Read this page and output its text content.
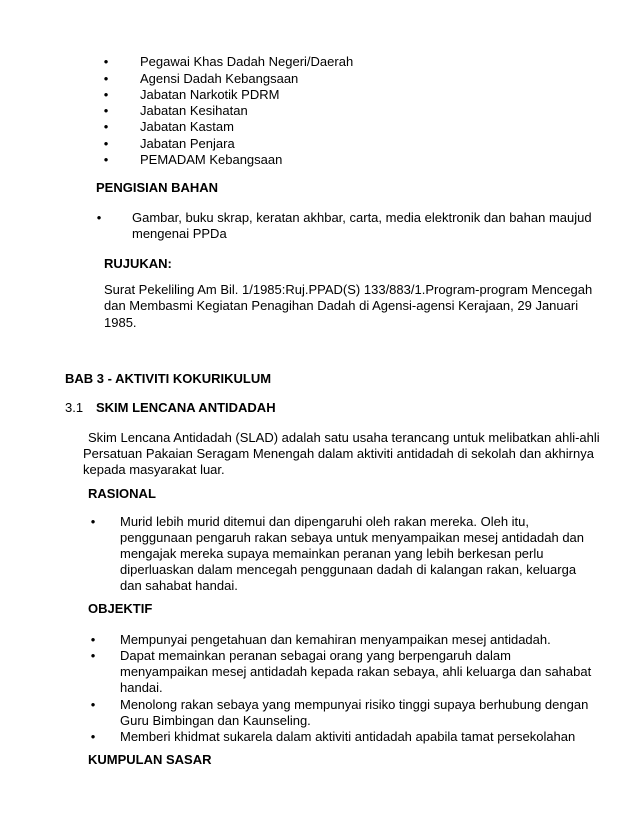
• Pegawai Khas Dadah Negeri/Daerah
• Agensi Dadah Kebangsaan
• Jabatan Narkotik PDRM
• Jabatan Kesihatan
• Jabatan Kastam
• Jabatan Penjara
• PEMADAM Kebangsaan
PENGISIAN BAHAN
• Gambar, buku skrap, keratan akhbar, carta, media elektronik dan bahan maujud
mengenai PPDa
RUJUKAN:
Surat Pekeliling Am Bil. 1/1985:Ruj.PPAD(S) 133/883/1.Program-program Mencegah
dan Membasmi Kegiatan Penagihan Dadah di Agensi-agensi Kerajaan, 29 Januari
1985.
BAB 3 - AKTIVITI KOKURIKULUM
3.1 SKIM LENCANA ANTIDADAH
Skim Lencana Antidadah (SLAD) adalah satu usaha terancang untuk melibatkan ahli-ahli
Persatuan Pakaian Seragam Menengah dalam aktiviti antidadah di sekolah dan akhirnya
kepada masyarakat luar.
RASIONAL
• Murid lebih murid ditemui dan dipengaruhi oleh rakan mereka. Oleh itu,
penggunaan pengaruh rakan sebaya untuk menyampaikan mesej antidadah dan
mengajak mereka supaya memainkan peranan yang lebih berkesan perlu
diperluaskan dalam mencegah penggunaan dadah di kalangan rakan, keluarga
dan sahabat handai.
OBJEKTIF
• Mempunyai pengetahuan dan kemahiran menyampaikan mesej antidadah.
• Dapat memainkan peranan sebagai orang yang berpengaruh dalam
menyampaikan mesej antidadah kepada rakan sebaya, ahli keluarga dan sahabat
handai.
• Menolong rakan sebaya yang mempunyai risiko tinggi supaya berhubung dengan
Guru Bimbingan dan Kaunseling.
• Memberi khidmat sukarela dalam aktiviti antidadah apabila tamat persekolahan
KUMPULAN SASAR
